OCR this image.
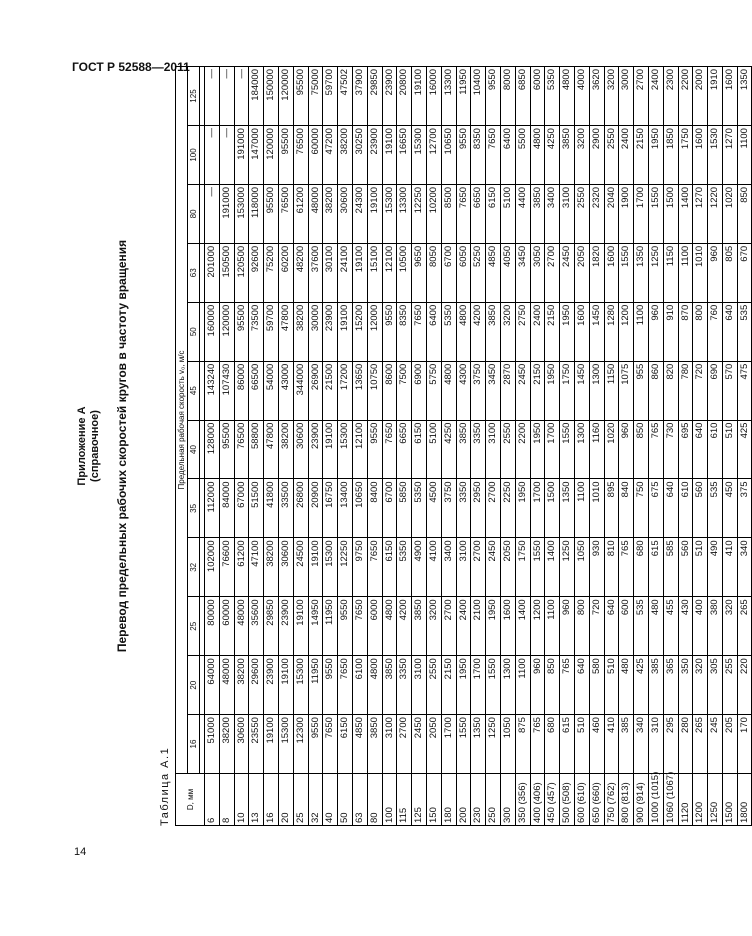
ГОСТ Р 52588—2011
Приложение А (справочное) Перевод предельных рабочих скоростей кругов в частоту вращения
Таблица А.1 D, мм	Предельная рабочая скорость v₀, м/с											
	16	20	25	32	35	40	45	50	63	80	100	125

6	51000	64000	80000	102000	112000	128000	143240	160000	201000	—	—	—
8	38200	48000	60000	76600	84000	95500	107430	120000	150500	191000	—	—
10	30600	38200	48000	61200	67000	76500	86000	95500	120500	153000	191000	—
13	23550	29600	35600	47100	51500	58800	66500	73500	92600	118000	147000	184000
16	19100	23900	29850	38200	41800	47800	54000	59700	75200	95500	120000	150000
20	15300	19100	23900	30600	33500	38200	43000	47800	60200	76500	95500	120000
25	12300	15300	19100	24500	26800	30600	344000	38200	48200	61200	76500	95500
32	9550	11950	14950	19100	20900	23900	26900	30000	37600	48000	60000	75000
40	7650	9550	11950	15300	16750	19100	21500	23900	30100	38200	47200	59700
50	6150	7650	9550	12250	13400	15300	17200	19100	24100	30600	38200	47502
63	4850	6100	7650	9750	10650	12100	13650	15200	19100	24300	30250	37900
80	3850	4800	6000	7650	8400	9550	10750	12000	15100	19100	23900	29850
100	3100	3850	4800	6150	6700	7650	8600	9550	12100	15300	19100	23900
115	2700	3350	4200	5350	5850	6650	7500	8350	10500	13300	16650	20800
125	2450	3100	3850	4900	5350	6150	6900	7650	9650	12250	15300	19100
150	2050	2550	3200	4100	4500	5100	5750	6400	8050	10200	12700	16000
180	1700	2150	2700	3400	3750	4250	4800	5350	6700	8500	10650	13300
200	1550	1950	2400	3100	3350	3850	4300	4800	6050	7650	9550	11950
230	1350	1700	2100	2700	2950	3350	3750	4200	5250	6650	8350	10400
250	1250	1550	1950	2450	2700	3100	3450	3850	4850	6150	7650	9550
300	1050	1300	1600	2050	2250	2550	2870	3200	4050	5100	6400	8000
350 (356)	875	1100	1400	1750	1950	2200	2450	2750	3450	4400	5500	6850
400 (406)	765	960	1200	1550	1700	1950	2150	2400	3050	3850	4800	6000
450 (457)	680	850	1100	1400	1500	1700	1950	2150	2700	3400	4250	5350
500 (508)	615	765	960	1250	1350	1550	1750	1950	2450	3100	3850	4800
600 (610)	510	640	800	1050	1100	1300	1450	1600	2050	2550	3200	4000
650 (660)	460	580	720	930	1010	1160	1300	1450	1820	2320	2900	3620
750 (762)	410	510	640	810	895	1020	1150	1280	1600	2040	2550	3200
800 (813)	385	480	600	765	840	960	1075	1200	1550	1900	2400	3000
900 (914)	340	425	535	680	750	850	955	1100	1350	1700	2150	2700
1000 (1015)	310	385	480	615	675	765	860	960	1250	1550	1950	2400
1060 (1067)	295	365	455	585	640	730	820	910	1150	1500	1850	2300
1120	280	350	430	560	610	695	780	870	1100	1400	1750	2200
1200	265	320	400	510	560	640	720	800	1010	1270	1600	2000
1250	245	305	380	490	535	610	690	760	960	1220	1530	1910
1500	205	255	320	410	450	510	570	640	805	1020	1270	1600
1800	170	220	265	340	375	425	475	535	670	850	1100	1350
14
